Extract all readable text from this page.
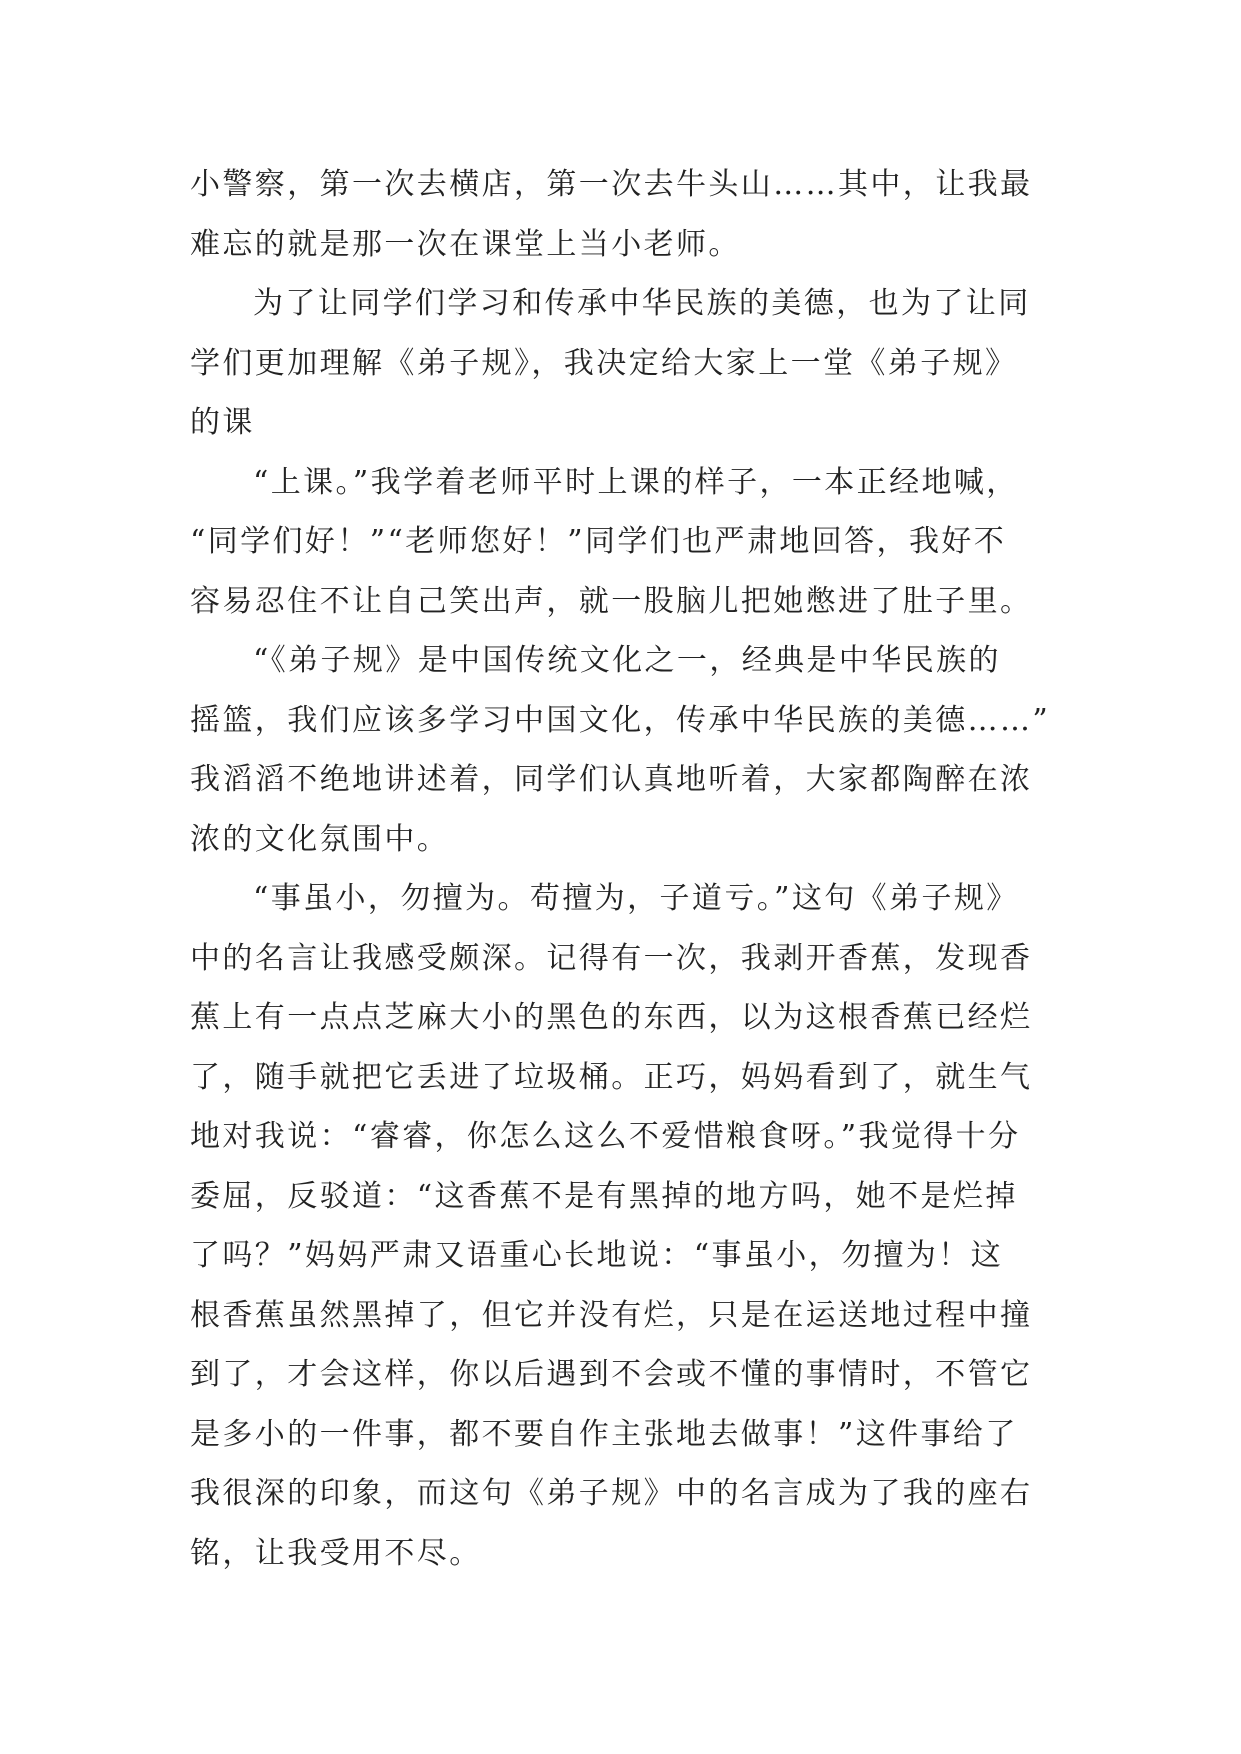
小警察，第一次去横店，第一次去牛头山……其中，让我最
难忘的就是那一次在课堂上当小老师。
为了让同学们学习和传承中华民族的美德，也为了让同
学们更加理解《弟子规》，我决定给大家上一堂《弟子规》
的课
“上课。”我学着老师平时上课的样子，一本正经地喊，
“同学们好！”“老师您好！”同学们也严肃地回答，我好不
容易忍住不让自己笑出声，就一股脑儿把她憋进了肚子里。
“《弟子规》是中国传统文化之一，经典是中华民族的
摇篮，我们应该多学习中国文化，传承中华民族的美德……”
我滔滔不绝地讲述着，同学们认真地听着，大家都陶醉在浓
浓的文化氛围中。
“事虽小，勿擅为。苟擅为，子道亏。”这句《弟子规》
中的名言让我感受颇深。记得有一次，我剥开香蕉，发现香
蕉上有一点点芝麻大小的黑色的东西，以为这根香蕉已经烂
了，随手就把它丢进了垃圾桶。正巧，妈妈看到了，就生气
地对我说：“睿睿，你怎么这么不爱惜粮食呀。”我觉得十分
委屈，反驳道：“这香蕉不是有黑掉的地方吗，她不是烂掉
了吗？”妈妈严肃又语重心长地说：“事虽小，勿擅为！这
根香蕉虽然黑掉了，但它并没有烂，只是在运送地过程中撞
到了，才会这样，你以后遇到不会或不懂的事情时，不管它
是多小的一件事，都不要自作主张地去做事！”这件事给了
我很深的印象，而这句《弟子规》中的名言成为了我的座右
铭，让我受用不尽。
